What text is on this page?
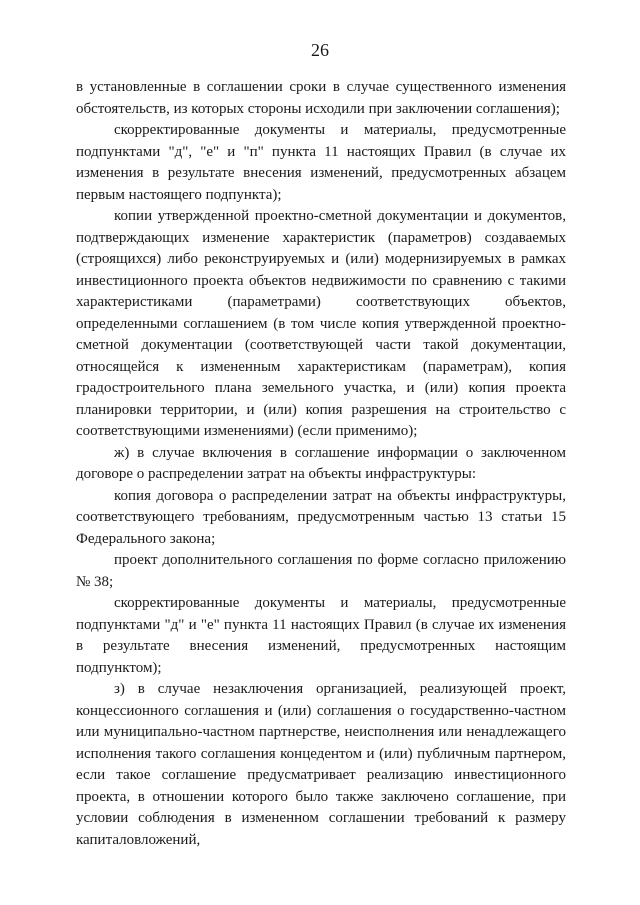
26

в установленные в соглашении сроки в случае существенного изменения обстоятельств, из которых стороны исходили при заключении соглашения);

скорректированные документы и материалы, предусмотренные подпунктами "д", "е" и "п" пункта 11 настоящих Правил (в случае их изменения в результате внесения изменений, предусмотренных абзацем первым настоящего подпункта);

копии утвержденной проектно-сметной документации и документов, подтверждающих изменение характеристик (параметров) создаваемых (строящихся) либо реконструируемых и (или) модернизируемых в рамках инвестиционного проекта объектов недвижимости по сравнению с такими характеристиками (параметрами) соответствующих объектов, определенными соглашением (в том числе копия утвержденной проектно-сметной документации (соответствующей части такой документации, относящейся к измененным характеристикам (параметрам), копия градостроительного плана земельного участка, и (или) копия проекта планировки территории, и (или) копия разрешения на строительство с соответствующими изменениями) (если применимо);

ж) в случае включения в соглашение информации о заключенном договоре о распределении затрат на объекты инфраструктуры:

копия договора о распределении затрат на объекты инфраструктуры, соответствующего требованиям, предусмотренным частью 13 статьи 15 Федерального закона;

проект дополнительного соглашения по форме согласно приложению № 38;

скорректированные документы и материалы, предусмотренные подпунктами "д" и "е" пункта 11 настоящих Правил (в случае их изменения в результате внесения изменений, предусмотренных настоящим подпунктом);

з) в случае незаключения организацией, реализующей проект, концессионного соглашения и (или) соглашения о государственно-частном или муниципально-частном партнерстве, неисполнения или ненадлежащего исполнения такого соглашения концедентом и (или) публичным партнером, если такое соглашение предусматривает реализацию инвестиционного проекта, в отношении которого было также заключено соглашение, при условии соблюдения в измененном соглашении требований к размеру капиталовложений,
